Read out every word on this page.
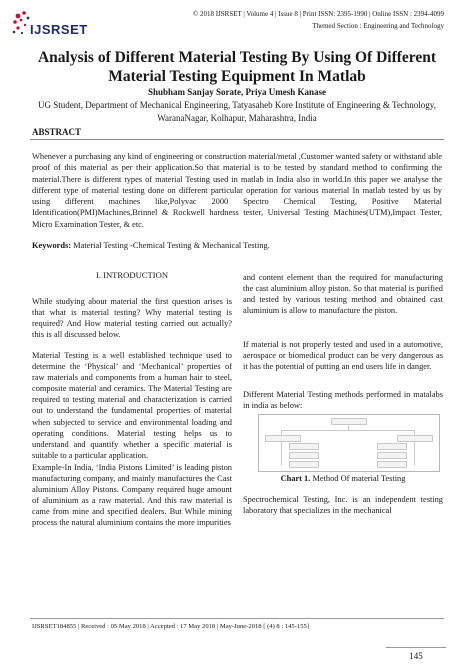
IJSRSET
© 2018 IJSRSET | Volume 4 | Issue 8 | Print ISSN: 2395-1990 | Online ISSN : 2394-4099
Themed Section : Engineering and Technology
Analysis of Different Material Testing By Using Of Different
Material Testing Equipment In Matlab
Shubham Sanjay Sorate, Priya Umesh Kanase
UG Student, Department of Mechanical Engineering, Tatyasaheb Kore Institute of Engineering & Technology,
WaranaNagar, Kolhapur, Maharashtra, India
ABSTRACT
Whenever a purchasing any kind of engineering or construction material/metal ,Customer wanted safety or withstand able proof of this material as per their application.So that material is to be tested by standard method to confirming the material.There is different types of material Testing used in matlab in India also in world.In this paper we analyse the different type of material testing done on different particular operation for various material In matlab tested by us by using different machines like,Polyvac 2000 Spectro Chemical Testing, Positive Material Identification(PMI)Machines,Brinnel & Rockwell hardness tester, Universal Testing Machines(UTM),Impact Tester, Micro Examination Tester, & etc.
Keywords: Material Testing -Chemical Testing & Mechanical Testing.
I. INTRODUCTION

While studying about material the first question arises is that what is material testing? Why material testing is required? And How material testing carried out actually? this is all discussed below.

Material Testing is a well established technique used to determine the ‘Physical’ and ‘Mechanical’ properties of raw materials and components from a human hair to steel, composite material and ceramics. The Material Testing are required to testing material and characterization is carried out to understand the fundamental properties of material when subjected to service and environmental loading and operating conditions. Material testing helps us to understand and quantify whether a specific material is suitable to a particular application.

Example-In India, ‘India Pistons Limited’ is leading piston manufacturing company, and mainly manufactures the Cast aluminium Alloy Pistons. Company required huge amount of aluminium as a raw material. And this raw material is came from mine and specified dealers. But While mining process the natural aluminium contains the more impurities

and content element than the required for manufacturing the cast aluminium alloy piston. So that material is purified and tested by various testing method and obtained cast aluminium is allow to manufacture the piston.

If material is not properly tested and used in a automotive, aerospace or biomedical product can be very dangerous as it has the potential of putting an end users life in danger.

Different Material Testing methods performed in matalabs in india as below:

Chart 1. Method Of material Testing

Spectrochemical Testing, Inc. is an independent testing laboratory that specializes in the mechanical

IJSRSET184855 | Received : 05 May 2018 | Accepted : 17 May 2018 | May-June-2018 [ (4) 8 : 145-155]
145
